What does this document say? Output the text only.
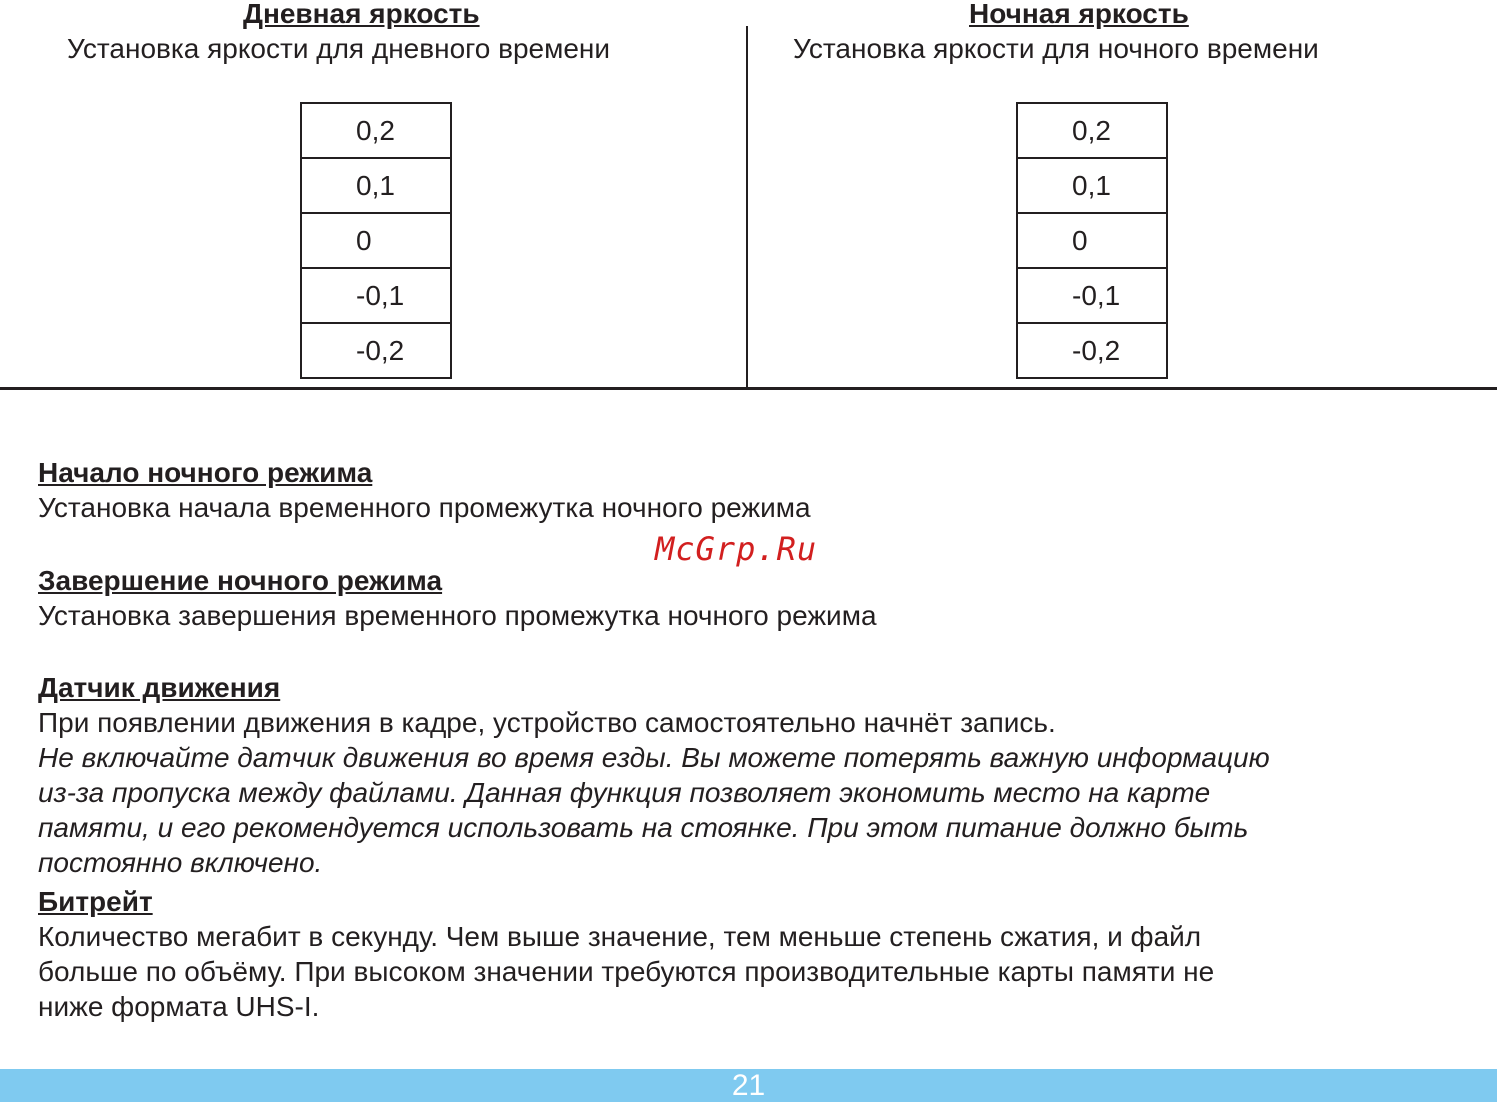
Дневная яркость

Установка яркости для дневного времени

Ночная яркость

Установка яркости для ночного времени

0,2
0,1
0
-0,1
-0,2
0,2
0,1
0
-0,1
-0,2

Начало ночного режима

Установка начала временного промежутка ночного режима

McGrp.Ru

Завершение ночного режима

Установка завершения временного промежутка ночного режима

Датчик движения

При появлении движения в кадре, устройство самостоятельно начнёт запись.

Не включайте датчик движения во время езды. Вы можете потерять важную информацию

из-за пропуска между файлами. Данная функция позволяет экономить место на карте

памяти, и его рекомендуется использовать на стоянке. При этом питание должно быть

постоянно включено.

Битрейт

Количество мегабит в секунду. Чем выше значение, тем меньше степень сжатия, и файл

больше по объёму. При высоком значении требуются производительные карты памяти не

ниже формата UHS-I.

21
